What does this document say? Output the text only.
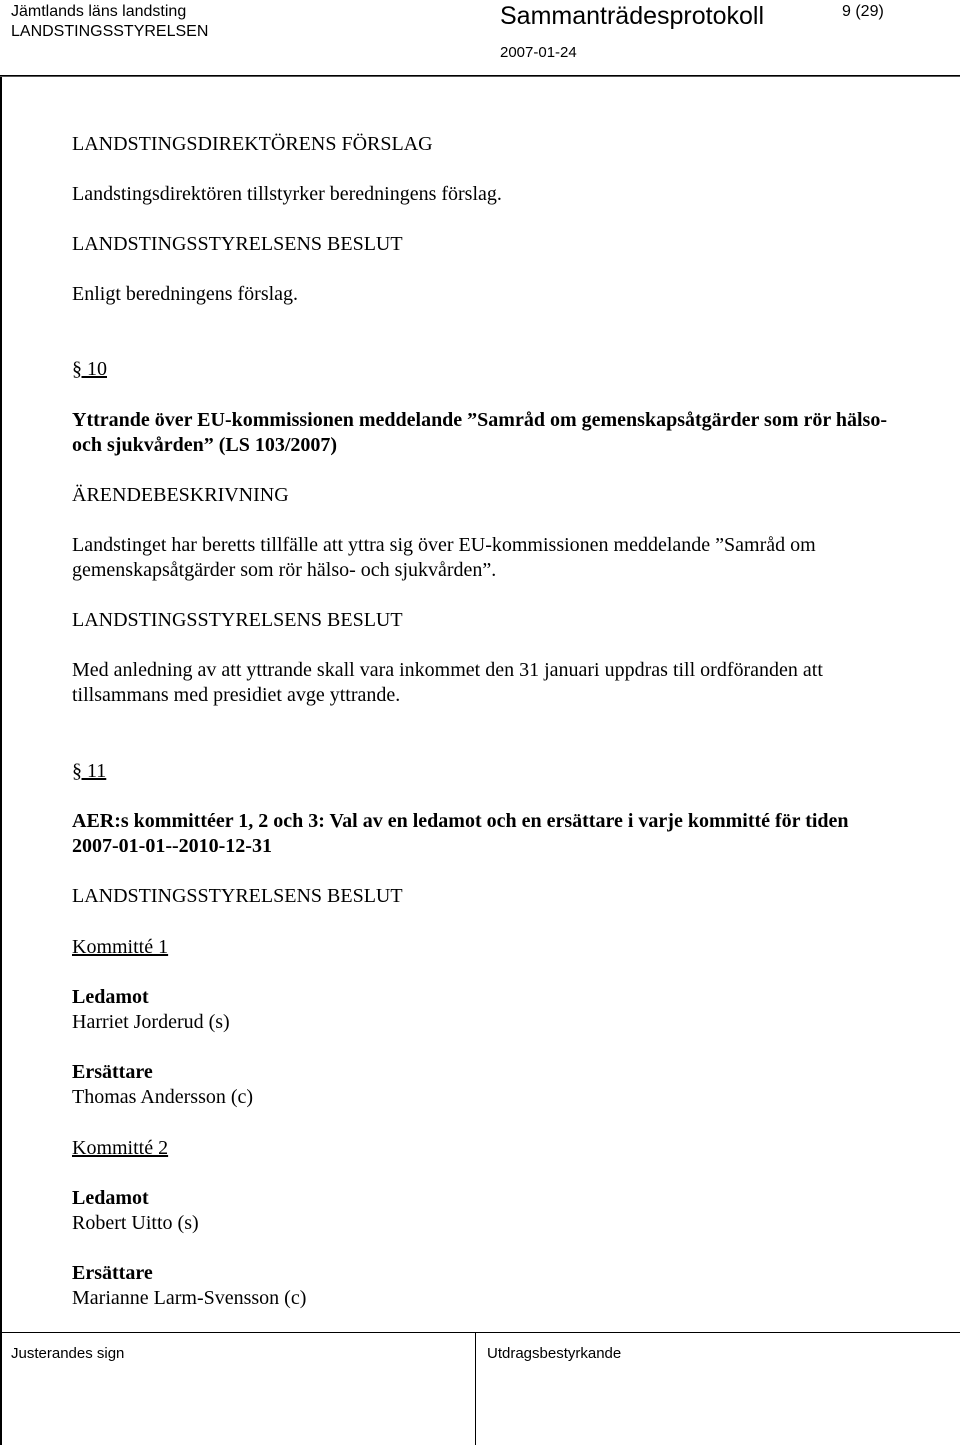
Jämtlands läns landsting
LANDSTINGSSTYRELSEN
Sammanträdesprotokoll
2007-01-24
9 (29)
LANDSTINGSDIREKTÖRENS FÖRSLAG
Landstingsdirektören tillstyrker beredningens förslag.
LANDSTINGSSTYRELSENS BESLUT
Enligt beredningens förslag.
§ 10
Yttrande över EU-kommissionen meddelande ”Samråd om gemenskapsåtgärder som rör hälso-
och sjukvården” (LS 103/2007)
ÄRENDEBESKRIVNING
Landstinget har beretts tillfälle att yttra sig över EU-kommissionen meddelande ”Samråd om
gemenskapsåtgärder som rör hälso- och sjukvården”.
LANDSTINGSSTYRELSENS BESLUT
Med anledning av att yttrande skall vara inkommet den 31 januari uppdras till ordföranden att
tillsammans med presidiet avge yttrande.
§ 11
AER:s kommittéer 1, 2 och 3: Val av en ledamot och en ersättare i varje kommitté för tiden
2007-01-01--2010-12-31
LANDSTINGSSTYRELSENS BESLUT
Kommitté 1
Ledamot
Harriet Jorderud (s)
Ersättare
Thomas Andersson (c)
Kommitté 2
Ledamot
Robert Uitto (s)
Ersättare
Marianne Larm-Svensson (c)
Justerandes sign	Utdragsbestyrkande
